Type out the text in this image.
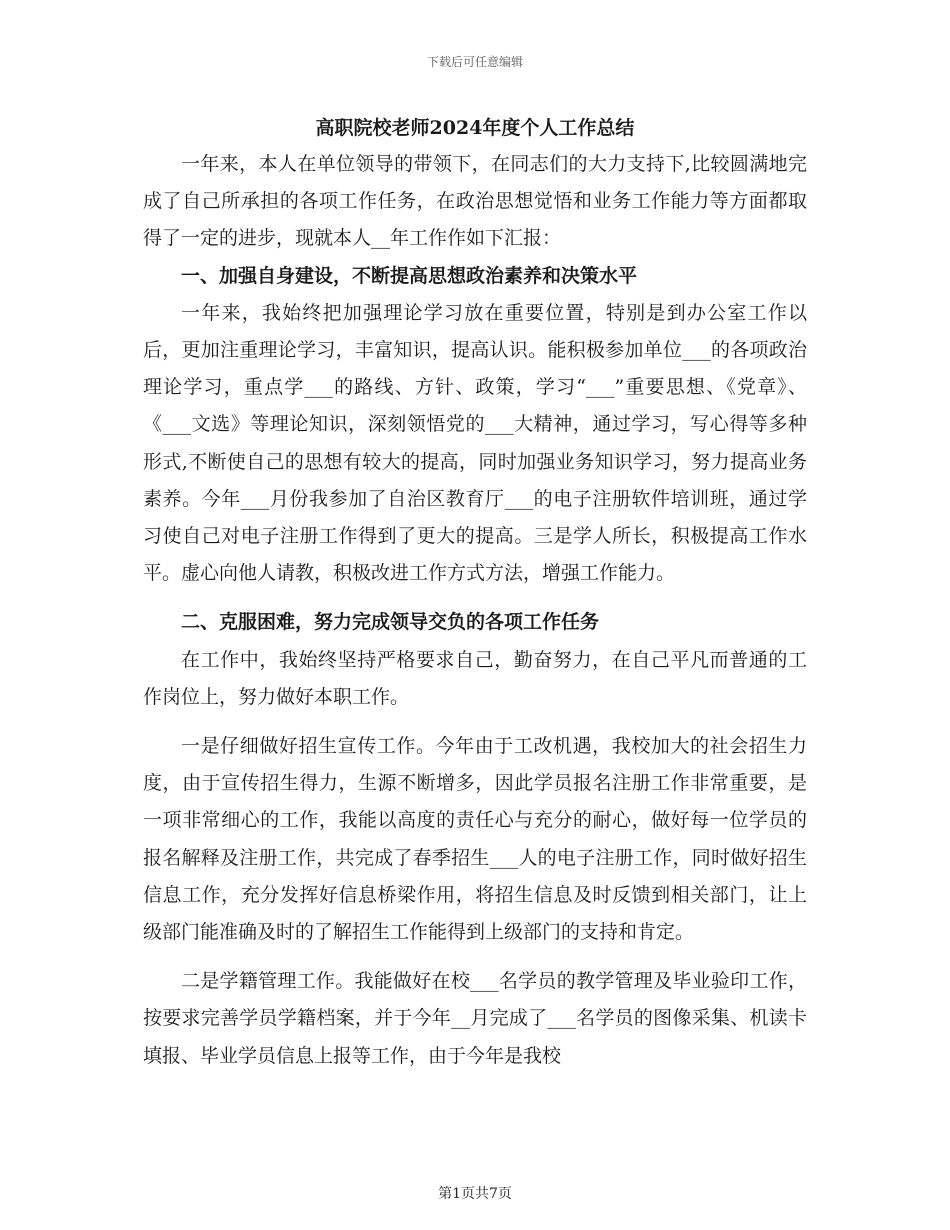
下载后可任意编辑
高职院校老师2024年度个人工作总结

一年来，本人在单位领导的带领下，在同志们的大力支持下,比较圆满地完成了自己所承担的各项工作任务，在政治思想觉悟和业务工作能力等方面都取得了一定的进步，现就本人__年工作作如下汇报：

一、加强自身建设，不断提高思想政治素养和决策水平

一年来，我始终把加强理论学习放在重要位置，特别是到办公室工作以后，更加注重理论学习，丰富知识，提高认识。能积极参加单位___的各项政治理论学习，重点学___的路线、方针、政策，学习“___”重要思想、《党章》、《___文选》等理论知识，深刻领悟党的___大精神，通过学习，写心得等多种形式,不断使自己的思想有较大的提高，同时加强业务知识学习，努力提高业务素养。今年___月份我参加了自治区教育厅___的电子注册软件培训班，通过学习使自己对电子注册工作得到了更大的提高。三是学人所长，积极提高工作水平。虚心向他人请教，积极改进工作方式方法，增强工作能力。

二、克服困难，努力完成领导交负的各项工作任务

在工作中，我始终坚持严格要求自己，勤奋努力，在自己平凡而普通的工作岗位上，努力做好本职工作。

一是仔细做好招生宣传工作。今年由于工改机遇，我校加大的社会招生力度，由于宣传招生得力，生源不断增多，因此学员报名注册工作非常重要，是一项非常细心的工作，我能以高度的责任心与充分的耐心，做好每一位学员的报名解释及注册工作，共完成了春季招生___人的电子注册工作，同时做好招生信息工作，充分发挥好信息桥梁作用，将招生信息及时反馈到相关部门，让上级部门能准确及时的了解招生工作能得到上级部门的支持和肯定。

二是学籍管理工作。我能做好在校___名学员的教学管理及毕业验印工作，按要求完善学员学籍档案，并于今年__月完成了___名学员的图像采集、机读卡填报、毕业学员信息上报等工作，由于今年是我校

第1页共7页
